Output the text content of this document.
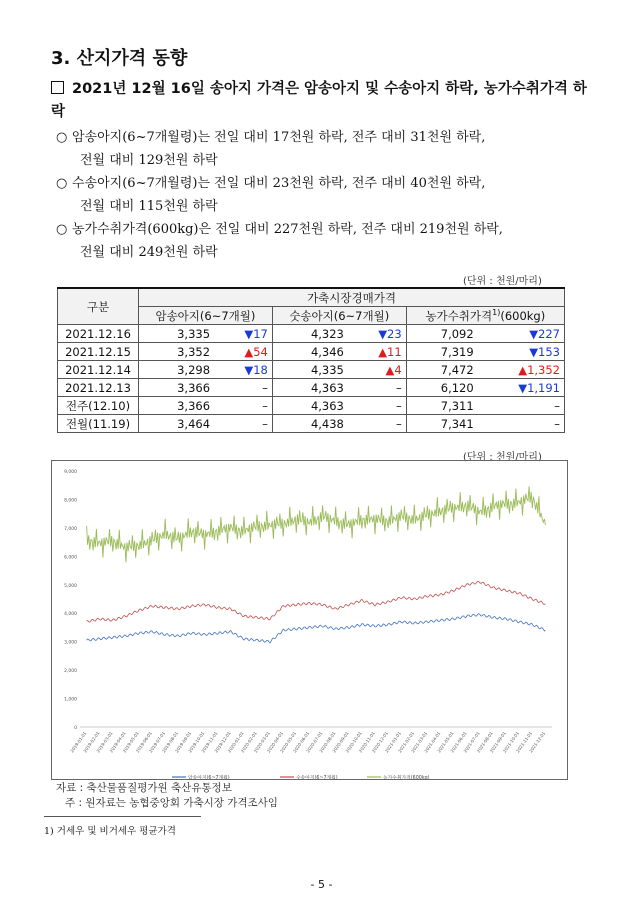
3. 산지가격 동향
2021년 12월 16일 송아지 가격은 암송아지 및 수송아지 하락, 농가수취가격 하락
○ 암송아지(6~7개월령)는 전일 대비 17천원 하락, 전주 대비 31천원 하락,
전월 대비 129천원 하락
○ 수송아지(6~7개월령)는 전일 대비 23천원 하락, 전주 대비 40천원 하락,
전월 대비 115천원 하락
○ 농가수취가격(600kg)은 전일 대비 227천원 하락, 전주 대비 219천원 하락,
전월 대비 249천원 하락
(단위 : 천원/마리)
구분	가축시장경매가격					
	암송아지(6~7개월)		숫송아지(6~7개월)		농가수취가격$^{1)}$(600kg)	
2021.12.16	3,335	▼17	4,323	▼23	7,092	▼227
2021.12.15	3,352	▲54	4,346	▲11	7,319	▼153
2021.12.14	3,298	▼18	4,335	▲4	7,472	▲1,352
2021.12.13	3,366	–	4,363	–	6,120	▼1,191
전주(12.10)	3,366	–	4,363	–	7,311	–
전월(11.19)	3,464	–	4,438	–	7,341	–
(단위 : 천원/마리)
9,000
8,000
7,000
6,000
5,000
4,000
3,000
2,000
1,000
0
2019-01-01
2019-02-01
2019-03-01
2019-04-01
2019-05-01
2019-06-01
2019-07-01
2019-08-01
2019-09-01
2019-10-01
2019-11-01
2019-12-01
2020-01-01
2020-02-01
2020-03-01
2020-04-01
2020-05-01
2020-06-01
2020-07-01
2020-08-01
2020-09-01
2020-10-01
2020-11-01
2020-12-01
2021-01-01
2021-02-01
2021-03-01
2021-04-01
2021-05-01
2021-06-01
2021-07-01
2021-08-01
2021-09-01
2021-10-01
2021-11-01
2021-12-01
암송아지(6~7개월)	숫송아지(6~7개월)	농가수취가격(600kg)
자료 : 축산물품질평가원 축산유통정보
주 : 원자료는 농협중앙회 가축시장 가격조사임
1) 거세우 및 비거세우 평균가격
- 5 -
